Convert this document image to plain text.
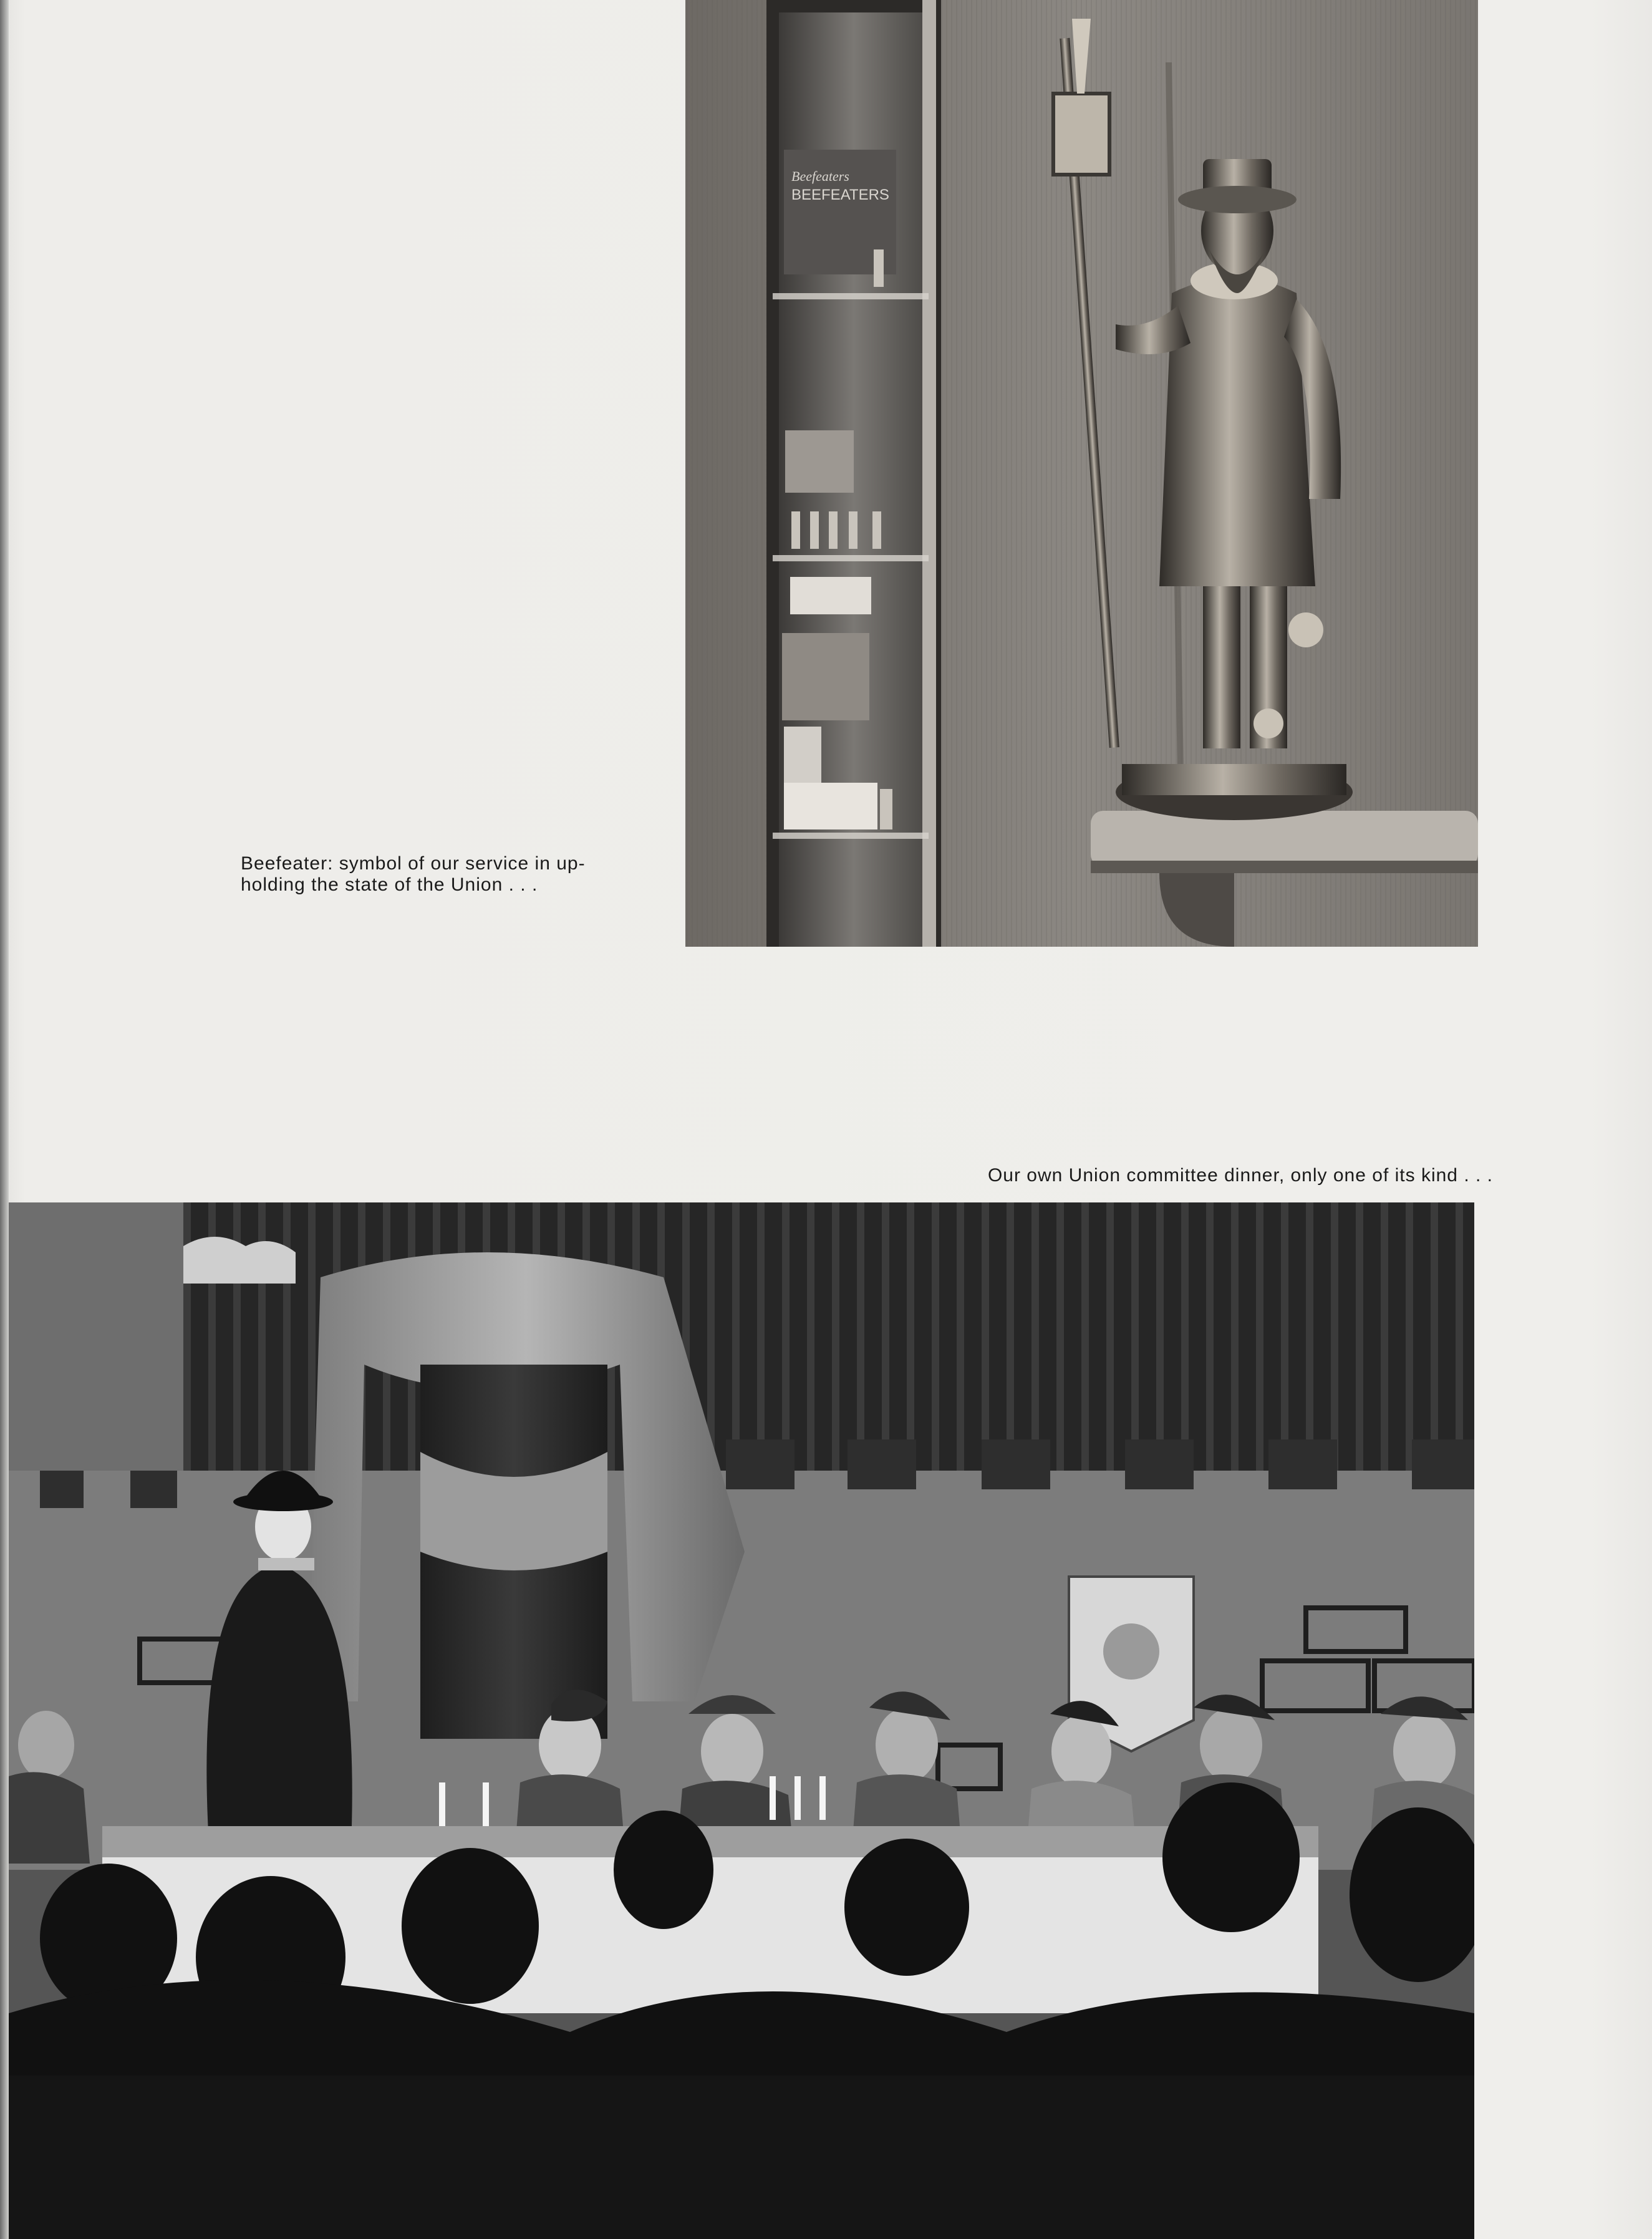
Beefeaters
BEEFEATERS
Beefeater: symbol of our service in up-
holding the state of the Union . . .
Our own Union committee dinner, only one of its kind . . .
